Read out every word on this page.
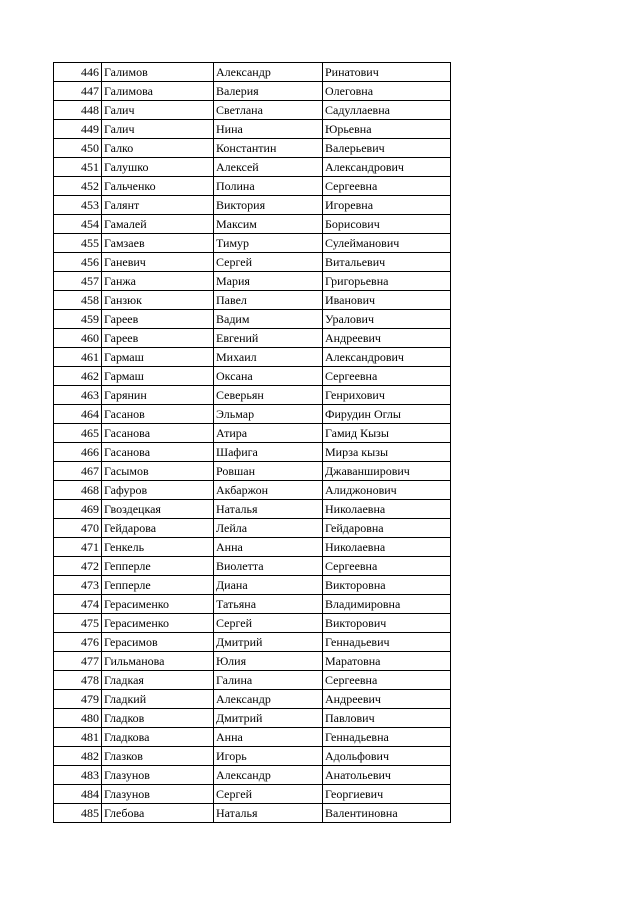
446	Галимов	Александр	Ринатович
447	Галимова	Валерия	Олеговна
448	Галич	Светлана	Садуллаевна
449	Галич	Нина	Юрьевна
450	Галко	Константин	Валерьевич
451	Галушко	Алексей	Александрович
452	Гальченко	Полина	Сергеевна
453	Галянт	Виктория	Игоревна
454	Гамалей	Максим	Борисович
455	Гамзаев	Тимур	Сулейманович
456	Ганевич	Сергей	Витальевич
457	Ганжа	Мария	Григорьевна
458	Ганзюк	Павел	Иванович
459	Гареев	Вадим	Уралович
460	Гареев	Евгений	Андреевич
461	Гармаш	Михаил	Александрович
462	Гармаш	Оксана	Сергеевна
463	Гарянин	Северьян	Генрихович
464	Гасанов	Эльмар	Фирудин Оглы
465	Гасанова	Атира	Гамид Кызы
466	Гасанова	Шафига	Мирза кызы
467	Гасымов	Ровшан	Джаванширович
468	Гафуров	Акбаржон	Алиджонович
469	Гвоздецкая	Наталья	Николаевна
470	Гейдарова	Лейла	Гейдаровна
471	Генкель	Анна	Николаевна
472	Гепперле	Виолетта	Сергеевна
473	Гепперле	Диана	Викторовна
474	Герасименко	Татьяна	Владимировна
475	Герасименко	Сергей	Викторович
476	Герасимов	Дмитрий	Геннадьевич
477	Гильманова	Юлия	Маратовна
478	Гладкая	Галина	Сергеевна
479	Гладкий	Александр	Андреевич
480	Гладков	Дмитрий	Павлович
481	Гладкова	Анна	Геннадьевна
482	Глазков	Игорь	Адольфович
483	Глазунов	Александр	Анатольевич
484	Глазунов	Сергей	Георгиевич
485	Глебова	Наталья	Валентиновна
